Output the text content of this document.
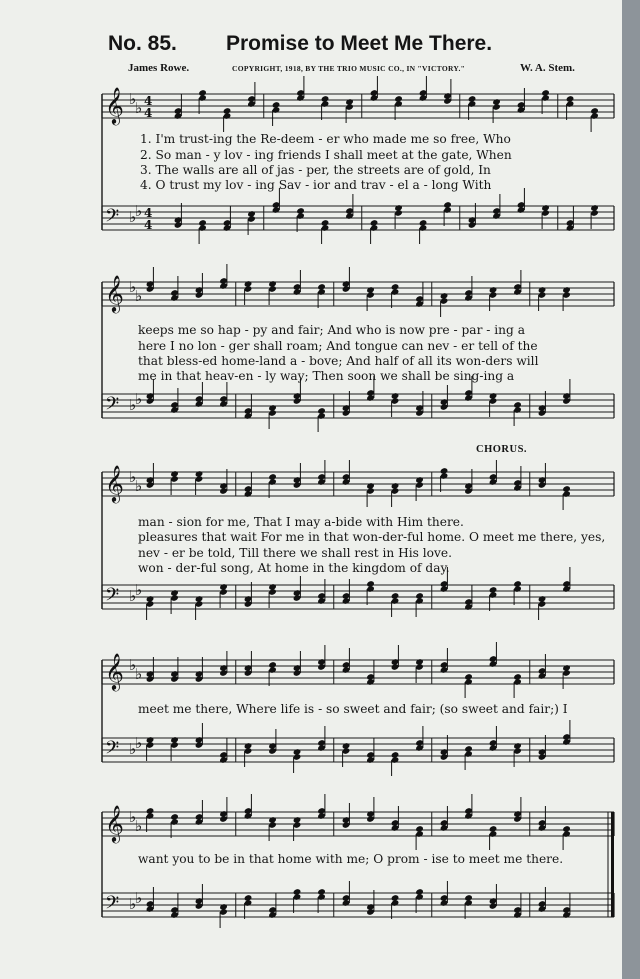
No. 85. Promise to Meet Me There.
James Rowe.	COPYRIGHT, 1918, BY THE TRIO MUSIC CO., IN "VICTORY."	W. A. Stem.
𝄞 ♭
♭ 4
4
𝄢 ♭
♭ 4
4
𝄞 ♭
♭
𝄢 ♭
♭
𝄞 ♭
♭
𝄢 ♭
♭
𝄞 ♭
♭
𝄢 ♭
♭
𝄞 ♭
♭
𝄢 ♭
♭
1. I'm trust-ing the Re-deem - er who made me so free, Who
2. So man - y lov - ing friends I shall meet at the gate, When
3. The walls are all of jas - per, the streets are of gold, In
4. O trust my lov - ing Sav - ior and trav - el a - long With
keeps me so hap - py and fair; And who is now pre - par - ing a
here I no lon - ger shall roam; And tongue can nev - er tell of the
that bless-ed home-land a - bove; And half of all its won-ders will
me in that heav-en - ly way; Then soon we shall be sing-ing a
CHORUS.
man - sion for me, That I may a-bide with Him there.
pleasures that wait For me in that won-der-ful home. O meet me there, yes,
nev - er be told, Till there we shall rest in His love.
won - der-ful song, At home in the kingdom of day.
meet me there, Where life is - so sweet and fair; (so sweet and fair;) I
want you to be in that home with me; O prom - ise to meet me there.
